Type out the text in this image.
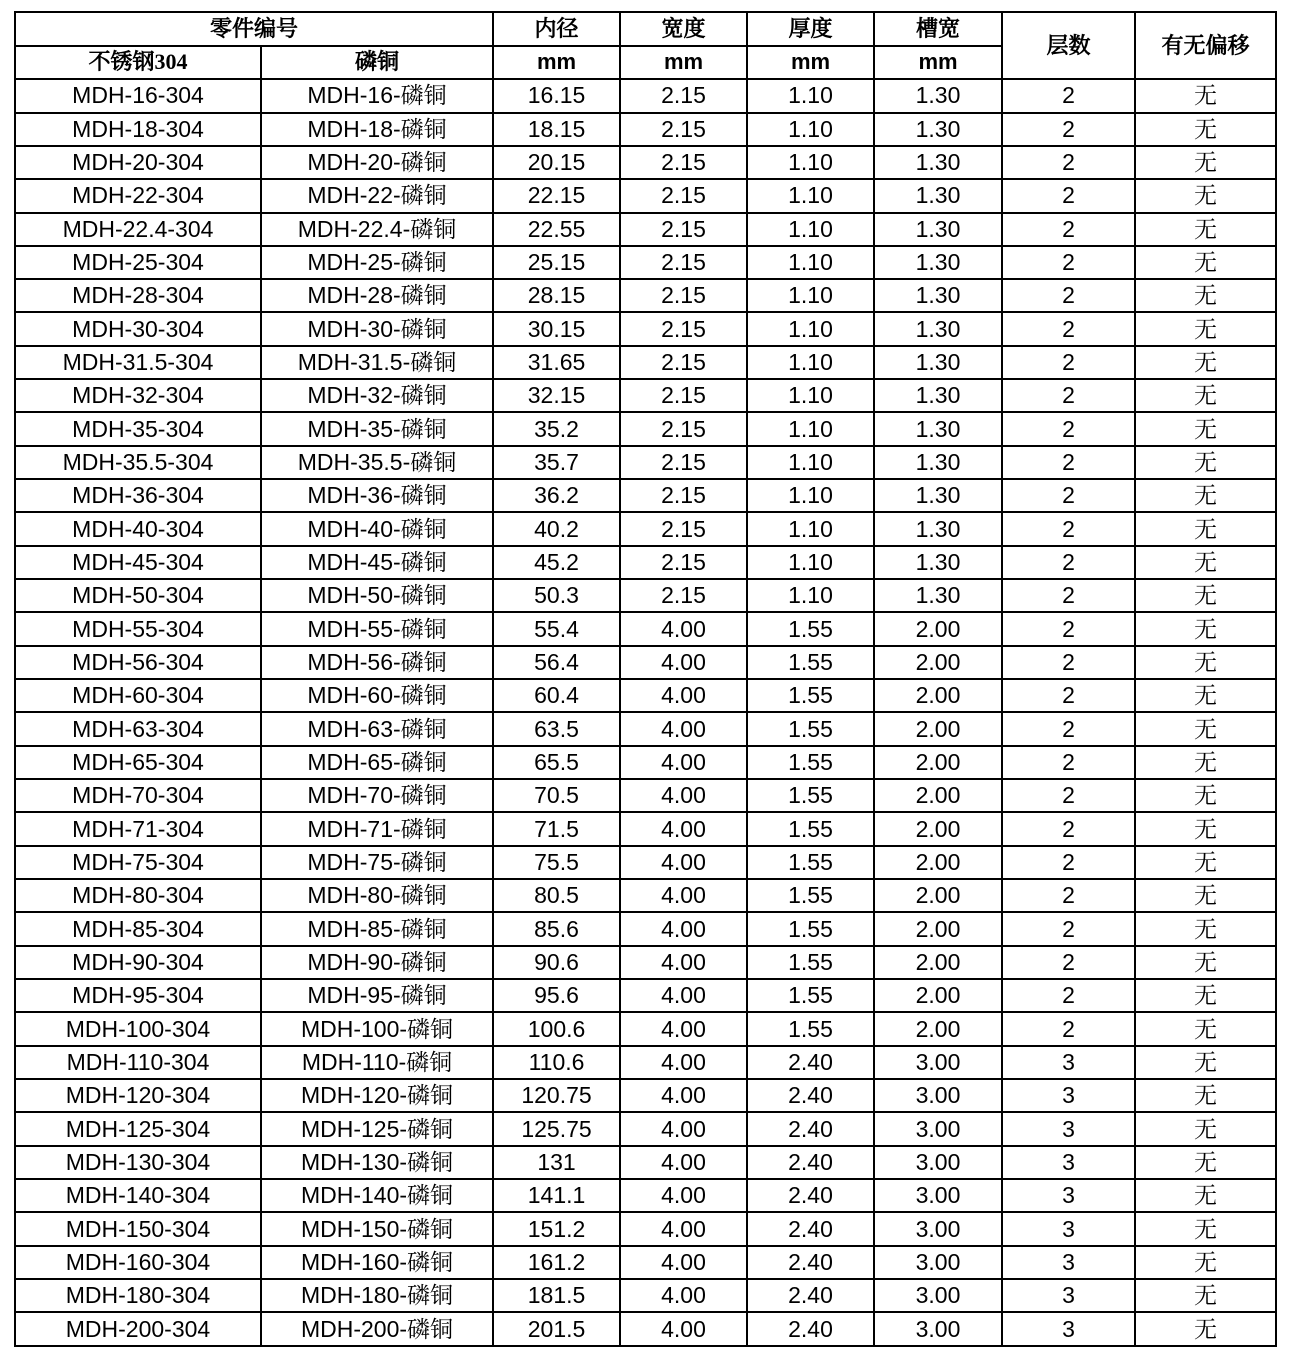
零件编号		内径	宽度	厚度	槽宽	层数	有无偏移
不锈钢304	磷铜	mm	mm	mm	mm		
MDH-16-304	MDH-16-磷铜	16.15	2.15	1.10	1.30	2	无
MDH-18-304	MDH-18-磷铜	18.15	2.15	1.10	1.30	2	无
MDH-20-304	MDH-20-磷铜	20.15	2.15	1.10	1.30	2	无
MDH-22-304	MDH-22-磷铜	22.15	2.15	1.10	1.30	2	无
MDH-22.4-304	MDH-22.4-磷铜	22.55	2.15	1.10	1.30	2	无
MDH-25-304	MDH-25-磷铜	25.15	2.15	1.10	1.30	2	无
MDH-28-304	MDH-28-磷铜	28.15	2.15	1.10	1.30	2	无
MDH-30-304	MDH-30-磷铜	30.15	2.15	1.10	1.30	2	无
MDH-31.5-304	MDH-31.5-磷铜	31.65	2.15	1.10	1.30	2	无
MDH-32-304	MDH-32-磷铜	32.15	2.15	1.10	1.30	2	无
MDH-35-304	MDH-35-磷铜	35.2	2.15	1.10	1.30	2	无
MDH-35.5-304	MDH-35.5-磷铜	35.7	2.15	1.10	1.30	2	无
MDH-36-304	MDH-36-磷铜	36.2	2.15	1.10	1.30	2	无
MDH-40-304	MDH-40-磷铜	40.2	2.15	1.10	1.30	2	无
MDH-45-304	MDH-45-磷铜	45.2	2.15	1.10	1.30	2	无
MDH-50-304	MDH-50-磷铜	50.3	2.15	1.10	1.30	2	无
MDH-55-304	MDH-55-磷铜	55.4	4.00	1.55	2.00	2	无
MDH-56-304	MDH-56-磷铜	56.4	4.00	1.55	2.00	2	无
MDH-60-304	MDH-60-磷铜	60.4	4.00	1.55	2.00	2	无
MDH-63-304	MDH-63-磷铜	63.5	4.00	1.55	2.00	2	无
MDH-65-304	MDH-65-磷铜	65.5	4.00	1.55	2.00	2	无
MDH-70-304	MDH-70-磷铜	70.5	4.00	1.55	2.00	2	无
MDH-71-304	MDH-71-磷铜	71.5	4.00	1.55	2.00	2	无
MDH-75-304	MDH-75-磷铜	75.5	4.00	1.55	2.00	2	无
MDH-80-304	MDH-80-磷铜	80.5	4.00	1.55	2.00	2	无
MDH-85-304	MDH-85-磷铜	85.6	4.00	1.55	2.00	2	无
MDH-90-304	MDH-90-磷铜	90.6	4.00	1.55	2.00	2	无
MDH-95-304	MDH-95-磷铜	95.6	4.00	1.55	2.00	2	无
MDH-100-304	MDH-100-磷铜	100.6	4.00	1.55	2.00	2	无
MDH-110-304	MDH-110-磷铜	110.6	4.00	2.40	3.00	3	无
MDH-120-304	MDH-120-磷铜	120.75	4.00	2.40	3.00	3	无
MDH-125-304	MDH-125-磷铜	125.75	4.00	2.40	3.00	3	无
MDH-130-304	MDH-130-磷铜	131	4.00	2.40	3.00	3	无
MDH-140-304	MDH-140-磷铜	141.1	4.00	2.40	3.00	3	无
MDH-150-304	MDH-150-磷铜	151.2	4.00	2.40	3.00	3	无
MDH-160-304	MDH-160-磷铜	161.2	4.00	2.40	3.00	3	无
MDH-180-304	MDH-180-磷铜	181.5	4.00	2.40	3.00	3	无
MDH-200-304	MDH-200-磷铜	201.5	4.00	2.40	3.00	3	无
